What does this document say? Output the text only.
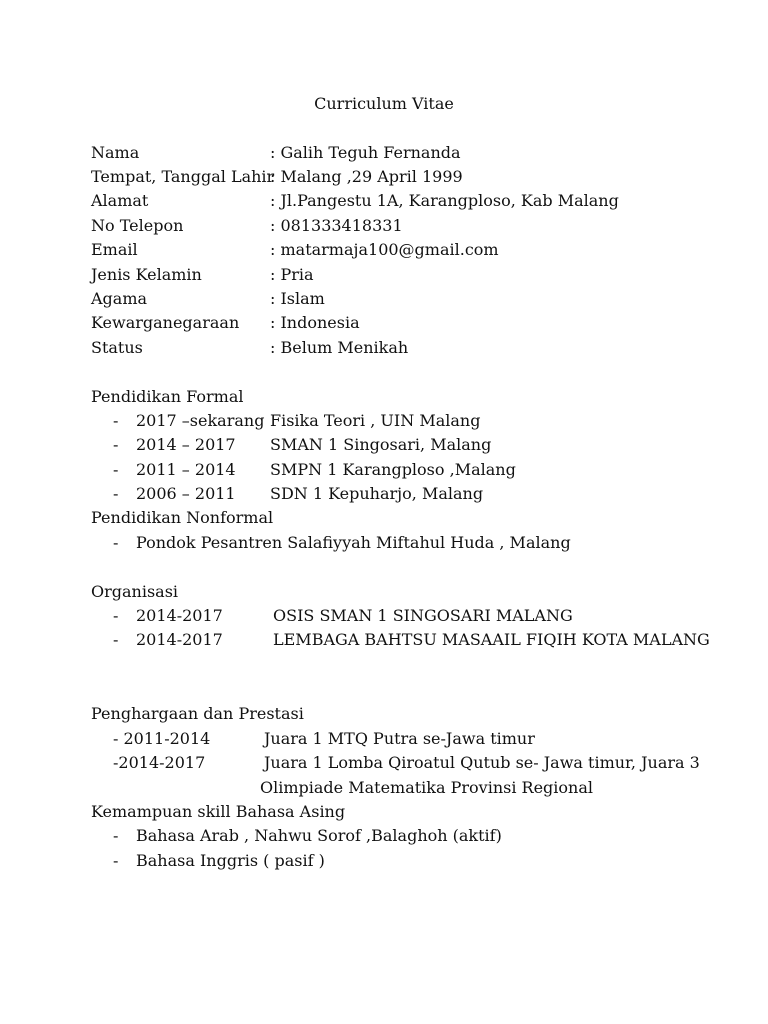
Curriculum Vitae
Nama	: Galih Teguh Fernanda
Tempat, Tanggal Lahir
: Malang ,29 April 1999
Alamat	: Jl.Pangestu 1A, Karangploso, Kab Malang
No Telepon	: 081333418331
Email	: matarmaja100@gmail.com
Jenis Kelamin	: Pria
Agama	: Islam
Kewarganegaraan : Indonesia
Status	: Belum Menikah
Pendidikan Formal
- 2017 –sekarang Fisika Teori , UIN Malang
- 2014 – 2017 SMAN 1 Singosari, Malang
- 2011 – 2014 SMPN 1 Karangploso ,Malang
- 2006 – 2011 SDN 1 Kepuharjo, Malang
Pendidikan Nonformal
- Pondok Pesantren Salafiyyah Miftahul Huda , Malang
Organisasi
- 2014-2017	OSIS SMAN 1 SINGOSARI MALANG
- 2014-2017	LEMBAGA BAHTSU MASAAIL FIQIH KOTA MALANG
Penghargaan dan Prestasi
- 2011-2014	Juara 1 MTQ Putra se-Jawa timur
-2014-2017	Juara 1 Lomba Qiroatul Qutub se- Jawa timur, Juara 3
Olimpiade Matematika Provinsi Regional
Kemampuan skill Bahasa Asing
- Bahasa Arab , Nahwu Sorof ,Balaghoh (aktif)
- Bahasa Inggris ( pasif )
